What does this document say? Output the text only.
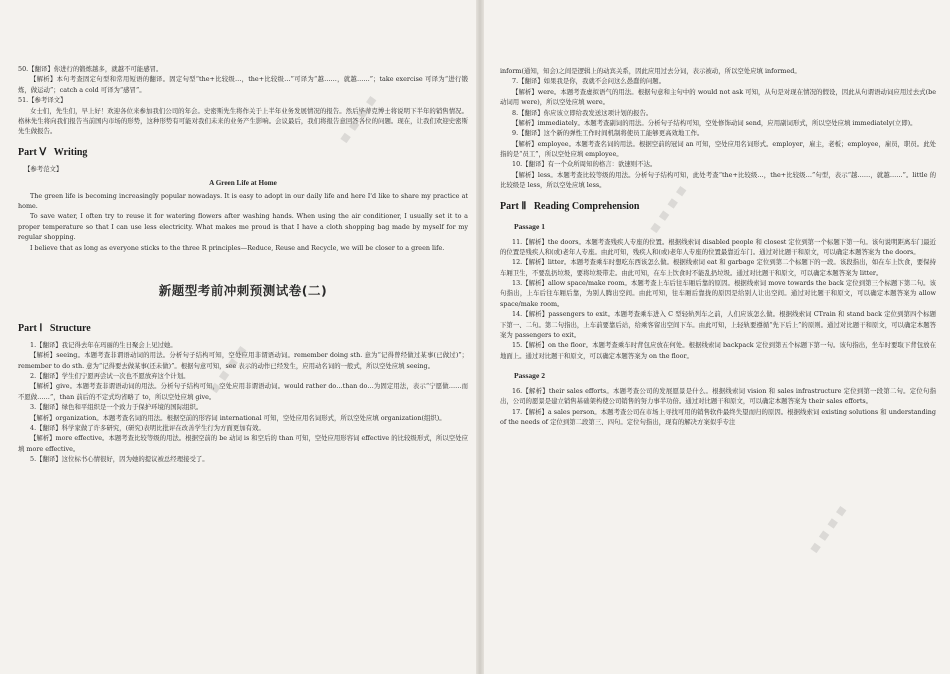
50.【翻译】你进行的锻炼越多，就越不可能感冒。

【解析】本句考查固定句型和常用短语的翻译。固定句型“the+比较级…，the+比较级…”可译为“越……，就越……”；take exercise 可译为“进行锻炼，做运动”；catch a cold 可译为“感冒”。

51.【参考译文】

女士们，先生们，早上好！欢迎各位来参加我们公司的年会。史密斯先生将作关于上半年业务发展情况的报告。然后毕蒂克博士将说明下半年的销售情况。格林先生将向我们报告当前国内市场的形势，这种形势有可能对我们未来的业务产生影响。会议最后，我们将报告意回答各位的问题。现在，让我们欢迎史密斯先生做报告。

Part Ⅴ Writing
【参考范文】
A Green Life at Home

The green life is becoming increasingly popular nowadays. It is easy to adopt in our daily life and here I'd like to share my practice at home.

To save water, I often try to reuse it for watering flowers after washing hands. When using the air conditioner, I usually set it to a proper temperature so that I can use less electricity. What makes me proud is that I have a cloth shopping bag made by myself for my regular shopping.

I believe that as long as everyone sticks to the three R principles—Reduce, Reuse and Recycle, we will be closer to a green life.

新题型考前冲刺预测试卷(二)
Part Ⅰ Structure

1.【翻译】我记得去年在玛丽的生日聚会上见过她。

【解析】seeing。本题考查非谓语动词的用法。分析句子结构可知，空处应用非谓语动词。remember doing sth. 意为“记得曾经做过某事(已做过)”；remember to do sth. 意为“记得要去做某事(还未做)”。根据句意可知，see 表示的动作已经发生，应用动名词的一般式，所以空处应填 seeing。

2.【翻译】学生们宁愿再尝试一次也不愿放弃这个计划。

【解析】give。本题考查非谓语动词的用法。分析句子结构可知，空处应用非谓语动词。would rather do…than do…为固定用法，表示“宁愿做……而不愿做……”，than 前后的不定式均省略了 to，所以空处应填 give。

3.【翻译】绿色和平组织是一个致力于保护环境的国际组织。

【解析】organization。本题考查名词的用法。根据空前的形容词 international 可知，空处应用名词形式，所以空处应填 organization(组织)。

4.【翻译】科学家做了许多研究，(研究)表明比批评在改善学生行为方面更加有效。

【解析】more effective。本题考查比较等级的用法。根据空前的 be 动词 is 和空后的 than 可知，空处应用形容词 effective 的比较级形式，所以空处应填 more effective。

5.【翻译】这位标书心情很好，因为她的提议被总经理接受了。

inform(通知，知会)之间是逻辑上的动宾关系，因此应用过去分词，表示被动，所以空处应填 informed。

7.【翻译】如果我是你，我就不会问这么愚蠢的问题。

【解析】were。本题考查虚拟语气的用法。根据句意和主句中的 would not ask 可知，从句是对现在情况的假设，因此从句谓语动词应用过去式(be 动词用 were)，所以空处应填 were。

8.【翻译】你应该立即给我发送这项计划的报告。

【解析】immediately。本题考查副词的用法。分析句子结构可知，空处修饰动词 send，应用副词形式，所以空处应填 immediately(立即)。

9.【翻译】这个新的弹性工作时间机制将使员工能够更高效地工作。

【解析】employee。本题考查名词的用法。根据空前的冠词 an 可知，空处应用名词形式。employer，雇主，老板；employee，雇员，职员。此处指的是“员工”，所以空处应填 employee。

10.【翻译】有一个众所周知的格言：欲速则不达。

【解析】less。本题考查比较等级的用法。分析句子结构可知，此处考查“the+比较级…，the+比较级…”句型，表示“越……，就越……”。little 的比较级是 less，所以空处应填 less。

Part Ⅱ Reading Comprehension
Passage 1

11.【解析】the doors。本题考查残疾人专座的位置。根据线索词 disabled people 和 closest 定位到第一个标题下第一句。该句说明距离车门最近的位置是残疾人和(或)老年人专座。由此可知，残疾人和(或)老年人专座的位置最靠近车门。通过对比题干和原文，可以确定本题答案为 the doors。

12.【解析】litter。本题考查乘车时想吃东西该怎么做。根据线索词 eat 和 garbage 定位到第二个标题下的一段。该段指出，如在车上饮食，要保持车厢卫生，不要乱扔垃圾，要将垃圾带走。由此可知，在车上饮食时不能乱扔垃圾。通过对比题干和原文，可以确定本题答案为 litter。

13.【解析】allow space/make room。本题考查上车后往车厢后靠的原因。根据线索词 move towards the back 定位到第三个标题下第二句。该句指出，上车后往车厢后靠，为别人腾出空间。由此可知，往车厢后靠拢的原因是给别人让出空间。通过对比题干和原文，可以确定本题答案为 allow space/make room。

14.【解析】passengers to exit。本题考查乘车进入 C 型轻轨列车之前，人们应该怎么做。根据线索词 CTrain 和 stand back 定位到第四个标题下第一、二句。第二句指出，上车前要靠后站，给乘客留出空间下车。由此可知，上轻轨要遵循“先下后上”的原则。通过对比题干和原文，可以确定本题答案为 passengers to exit。

15.【解析】on the floor。本题考查乘车时背包应放在何处。根据线索词 backpack 定位到第五个标题下第一句。该句指出，坐车时要取下背包放在地面上。通过对比题干和原文，可以确定本题答案为 on the floor。

Passage 2

16.【解析】their sales efforts。本题考查公司的发展愿景是什么。根据线索词 vision 和 sales infrastructure 定位到第一段第二句。定位句指出，公司的愿景是建立销售基础架构使公司销售的努力事半功倍。通过对比题干和原文，可以确定本题答案为 their sales efforts。

17.【解析】a sales person。本题考查公司在市场上寻找可用的销售软件最终失望而归的原因。根据线索词 existing solutions 和 understanding of the needs of 定位到第二段第三、四句。定位句指出，现有的解决方案似乎专注

▪ ▪ ▪ ▪
▪ ▪ ▪ ▪
▪ ▪ ▪ ▪
▪ ▪ ▪ ▪
